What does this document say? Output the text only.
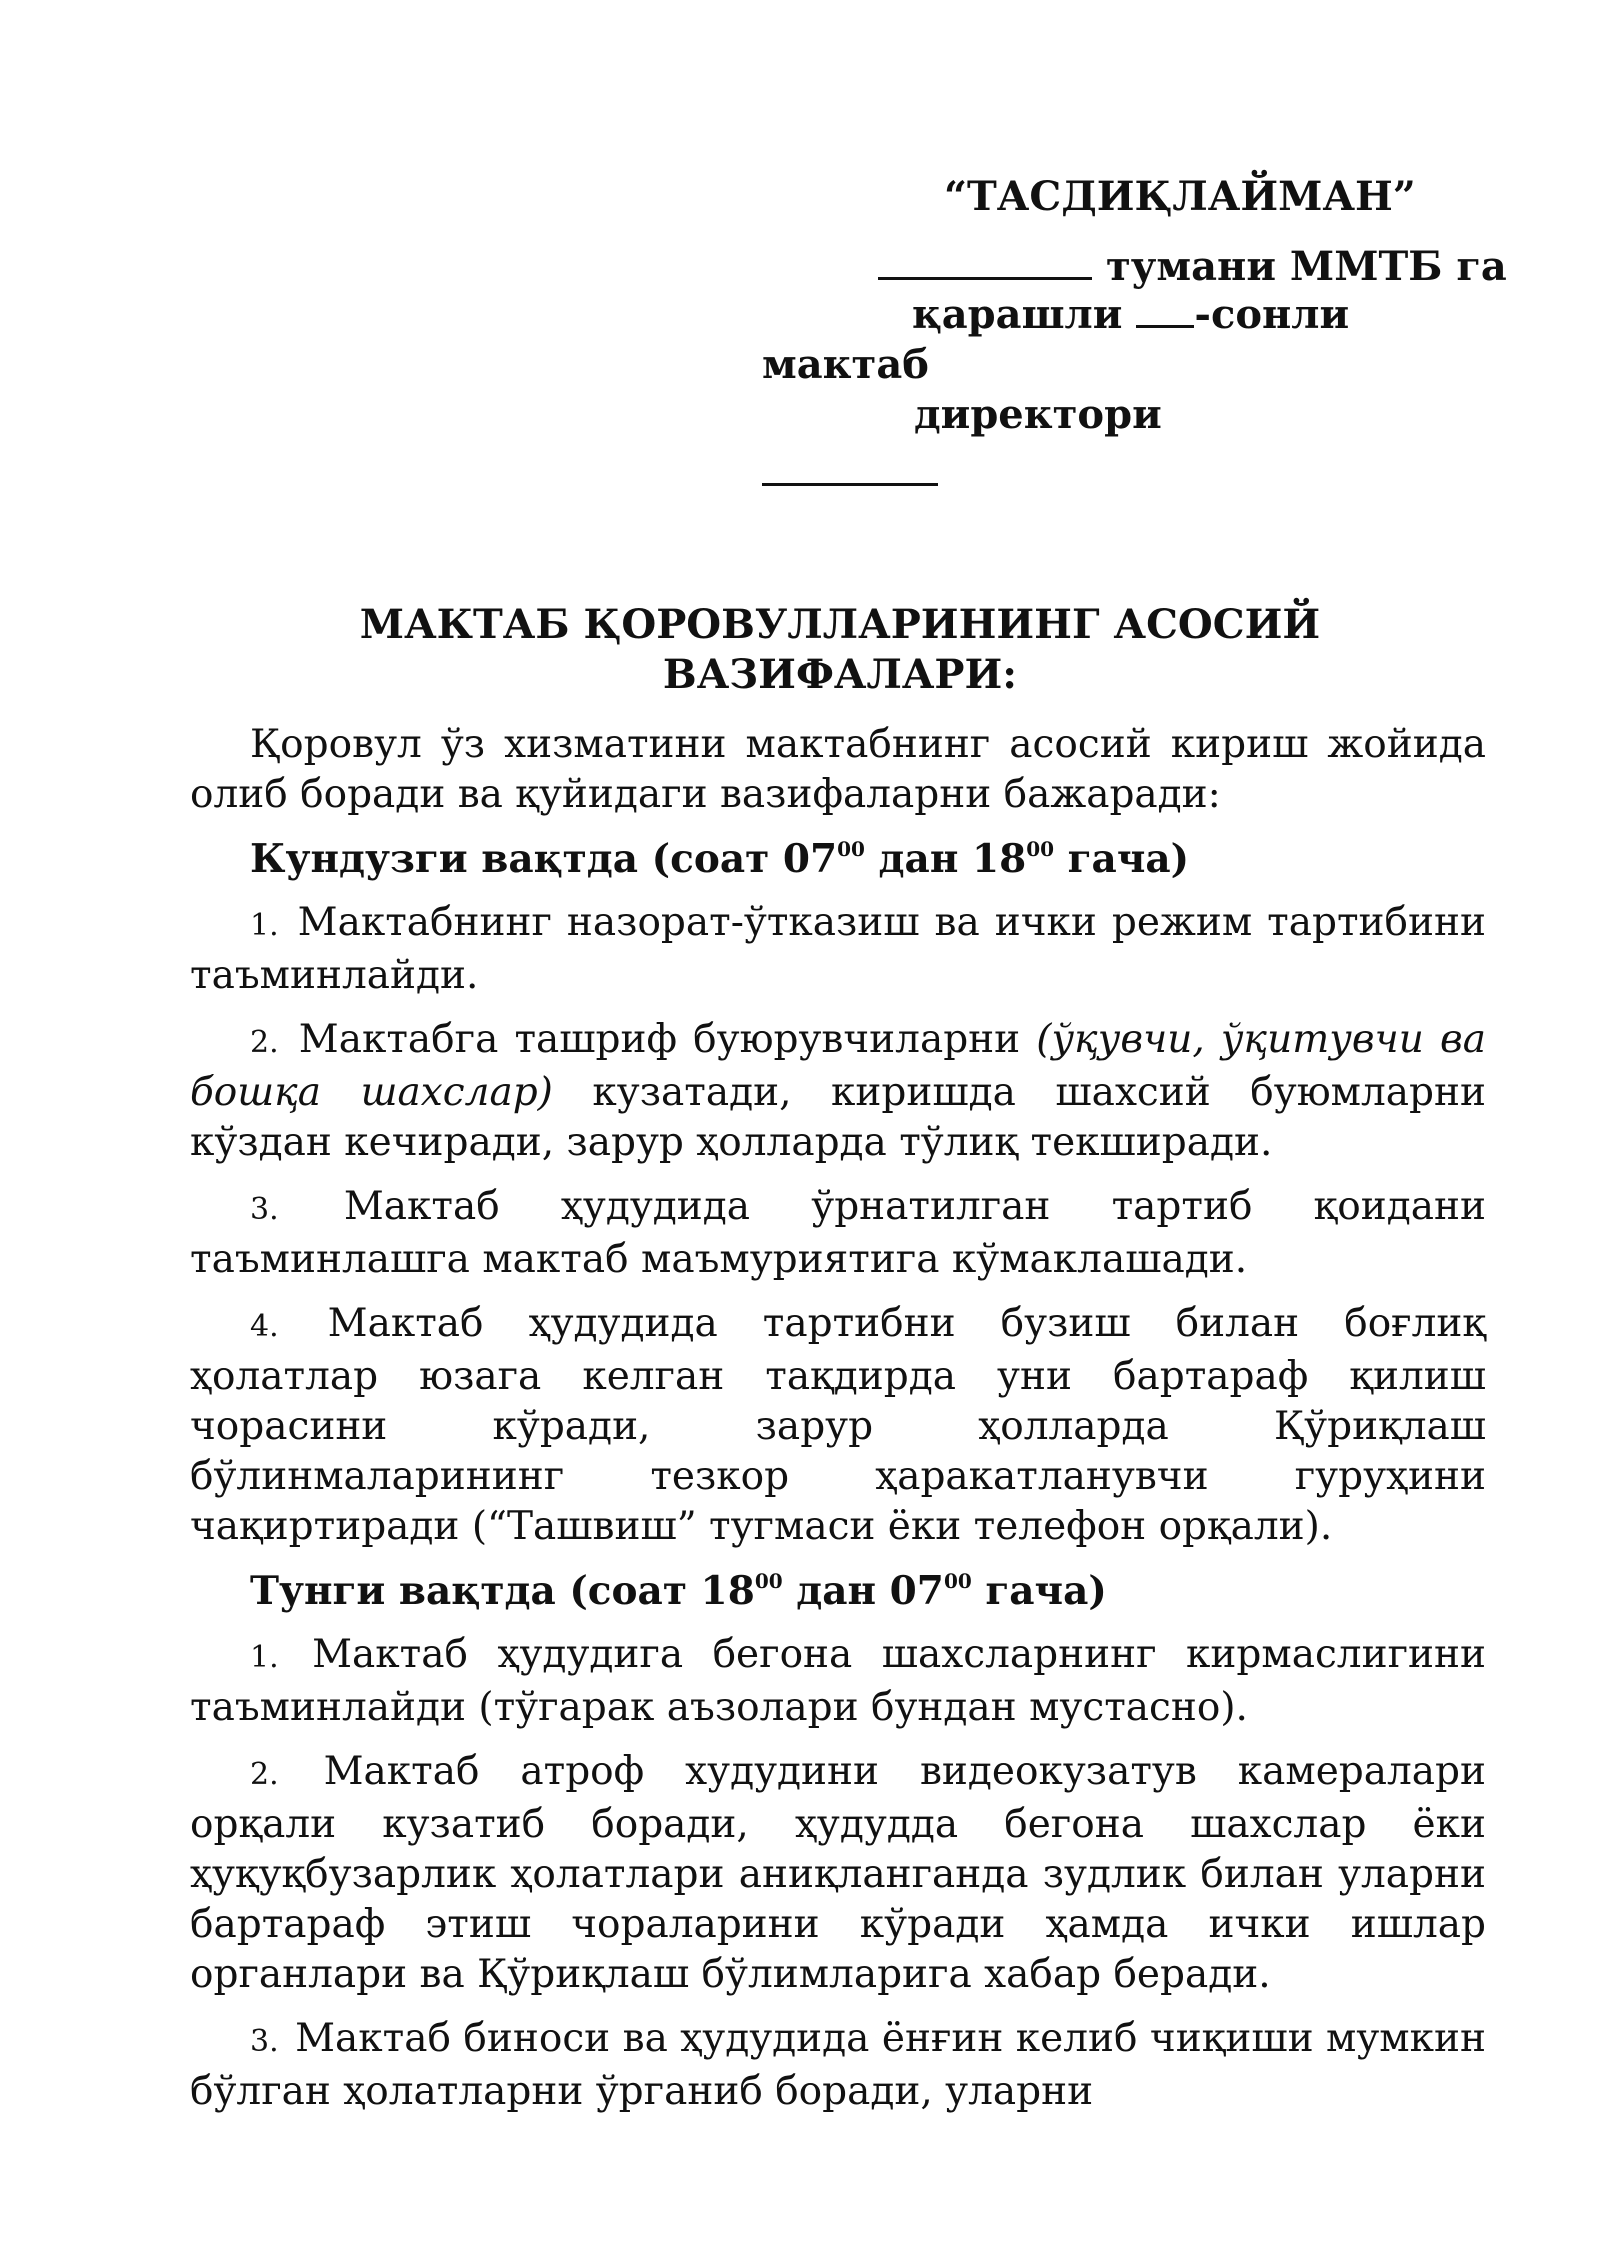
“ТАСДИҚЛАЙМАН”
тумани ММТБ га
қарашли -сонли
мактаб
директори
МАКТАБ ҚОРОВУЛЛАРИНИНГ АСОСИЙ
ВАЗИФАЛАРИ:

Қоровул ўз хизматини мактабнинг асосий кириш жойида олиб боради ва қуйидаги вазифаларни бажаради:

Кундузги вақтда (соат $07^{00}$ дан $18^{00}$ гача)

1. Мактабнинг назорат-ўтказиш ва ички режим тартибини таъминлайди.

2. Мактабга ташриф буюрувчиларни (ўқувчи, ўқитувчи ва бошқа шахслар) кузатади, киришда шахсий буюмларни кўздан кечиради, зарур ҳолларда тўлиқ текширади.

3. Мактаб ҳудудида ўрнатилган тартиб қоидани таъминлашга мактаб маъмуриятига кўмаклашади.

4. Мактаб ҳудудида тартибни бузиш билан боғлиқ ҳолатлар юзага келган тақдирда уни бартараф қилиш чорасини кўради, зарур ҳолларда Қўриқлаш бўлинмаларининг тезкор ҳаракатланувчи гуруҳини чақиртиради (“Ташвиш” тугмаси ёки телефон орқали).

Тунги вақтда (соат $18^{00}$ дан $07^{00}$ гача)

1. Мактаб ҳудудига бегона шахсларнинг кирмаслигини таъминлайди (тўгарак аъзолари бундан мустасно).

2. Мактаб атроф худудини видеокузатув камералари орқали кузатиб боради, ҳудудда бегона шахслар ёки ҳуқуқбузарлик ҳолатлари аниқланганда зудлик билан уларни бартараф этиш чораларини кўради ҳамда ички ишлар органлари ва Қўриқлаш бўлимларига хабар беради.

3. Мактаб биноси ва ҳудудида ёнғин келиб чиқиши мумкин бўлган ҳолатларни ўрганиб боради, уларни
